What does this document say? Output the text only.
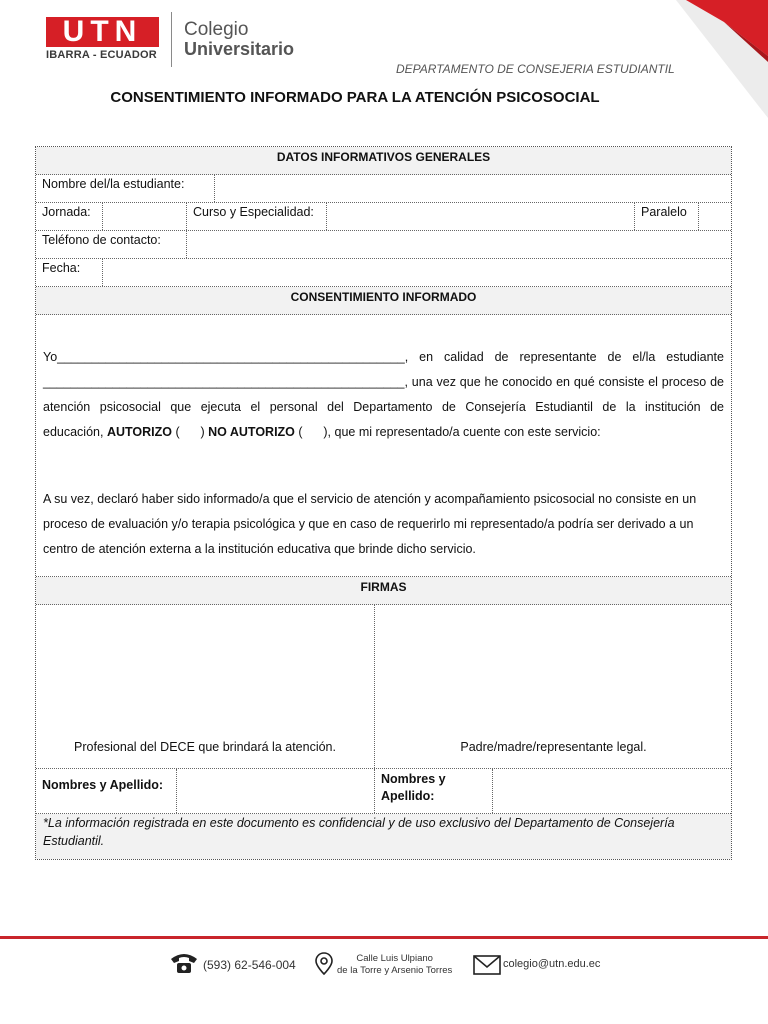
UTN
IBARRA - ECUADOR
Colegio
Universitario
DEPARTAMENTO DE CONSEJERIA ESTUDIANTIL
CONSENTIMIENTO INFORMADO PARA LA ATENCIÓN PSICOSOCIAL
DATOS INFORMATIVOS GENERALES
Nombre del/la estudiante:
Jornada:	Curso y Especialidad:	Paralelo
Teléfono de contacto:
Fecha:
CONSENTIMIENTO INFORMADO
Yo__________________________________________________, en calidad de representante de el/la estudiante
____________________________________________________, una vez que he conocido en qué consiste el proceso de
atención psicosocial que ejecuta el personal del Departamento de Consejería Estudiantil de la institución de
educación, AUTORIZO (      ) NO AUTORIZO (      ), que mi representado/a cuente con este servicio:
A su vez, declaró haber sido informado/a que el servicio de atención y acompañamiento psicosocial no consiste en un
proceso de evaluación y/o terapia psicológica y que en caso de requerirlo mi representado/a podría ser derivado a un
centro de atención externa a la institución educativa que brinde dicho servicio.
FIRMAS
Profesional del DECE que brindará la atención.	Padre/madre/representante legal.
Nombres y Apellido:	Nombres y
Apellido:
*La información registrada en este documento es confidencial y de uso exclusivo del Departamento de Consejería Estudiantil.
(593) 62-546-004	Calle Luis Ulpiano
de la Torre y Arsenio Torres
colegio@utn.edu.ec
